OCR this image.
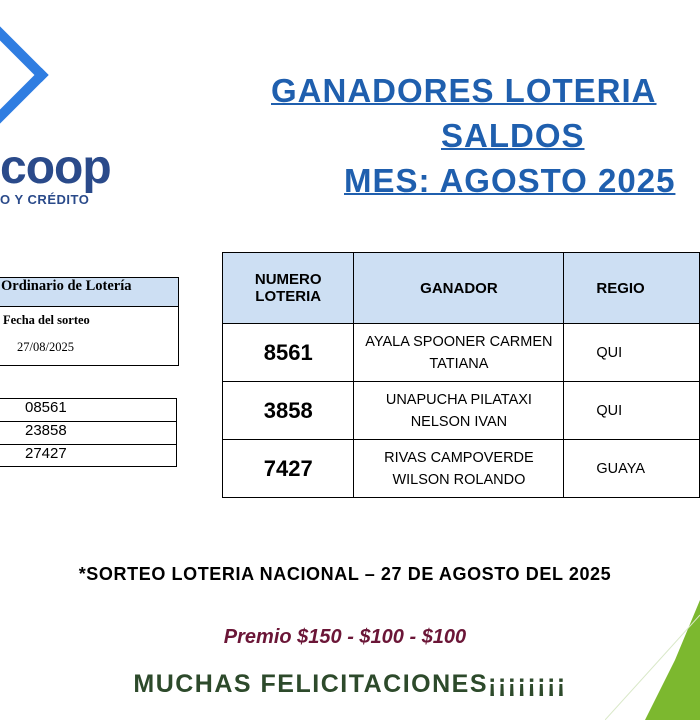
coop
O Y CRÉDITO
GANADORES LOTERIA
SALDOS
MES: AGOSTO 2025
Ordinario de Lotería
Fecha del sorteo
27/08/2025
08561
23858
27427
NUMERO LOTERIA	GANADOR	REGIO
8561	AYALA SPOONER CARMEN TATIANA	QUI
3858	UNAPUCHA PILATAXI NELSON IVAN	QUI
7427	RIVAS CAMPOVERDE WILSON ROLANDO	GUAYA
*SORTEO LOTERIA NACIONAL – 27 DE AGOSTO DEL 2025
Premio $150 - $100 - $100
MUCHAS FELICITACIONES¡¡¡¡¡¡¡¡
